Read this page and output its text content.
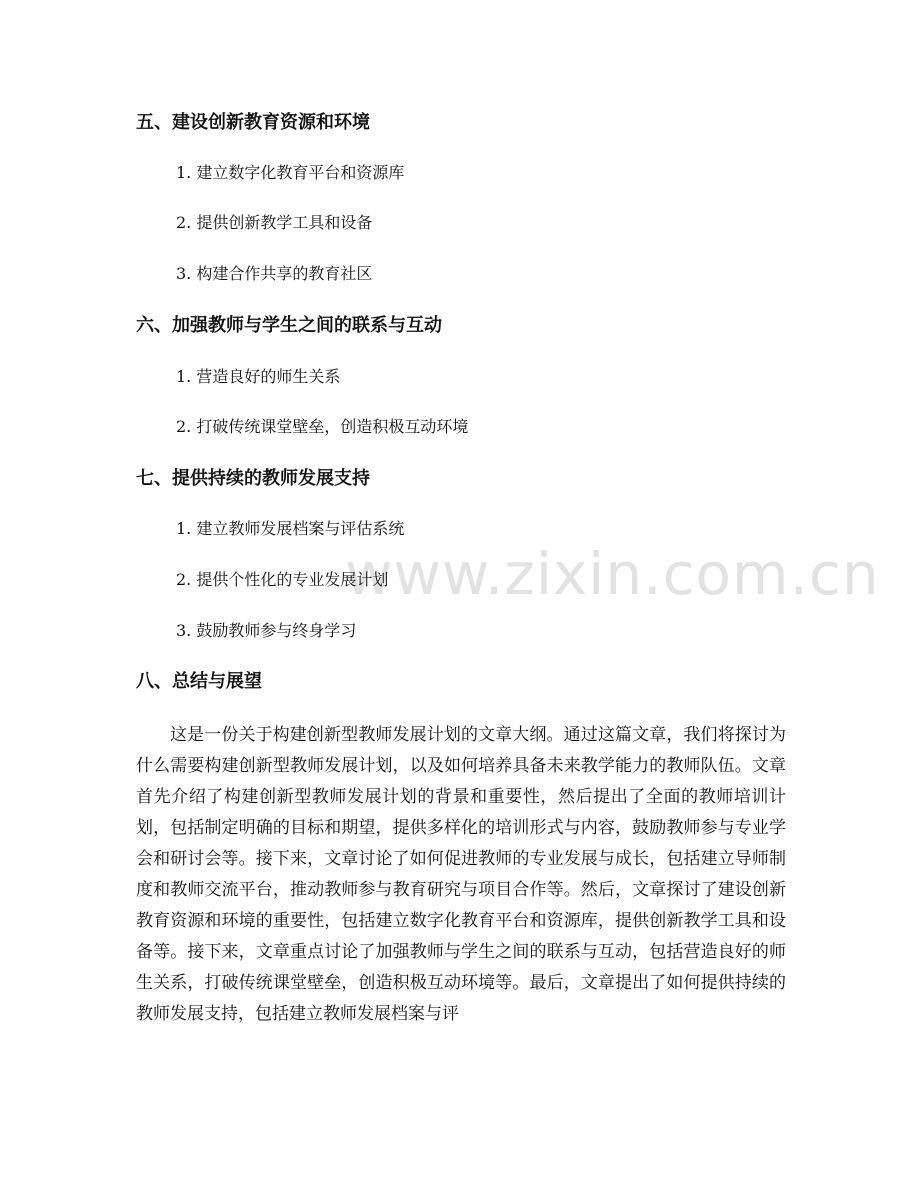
www.zixin.com.cn
五、建设创新教育资源和环境
1. 建立数字化教育平台和资源库
2. 提供创新教学工具和设备
3. 构建合作共享的教育社区
六、加强教师与学生之间的联系与互动
1. 营造良好的师生关系
2. 打破传统课堂壁垒，创造积极互动环境
七、提供持续的教师发展支持
1. 建立教师发展档案与评估系统
2. 提供个性化的专业发展计划
3. 鼓励教师参与终身学习
八、总结与展望

这是一份关于构建创新型教师发展计划的文章大纲。通过这篇文章，我们将探讨为什么需要构建创新型教师发展计划，以及如何培养具备未来教学能力的教师队伍。文章首先介绍了构建创新型教师发展计划的背景和重要性，然后提出了全面的教师培训计划，包括制定明确的目标和期望，提供多样化的培训形式与内容，鼓励教师参与专业学会和研讨会等。接下来，文章讨论了如何促进教师的专业发展与成长，包括建立导师制度和教师交流平台，推动教师参与教育研究与项目合作等。然后，文章探讨了建设创新教育资源和环境的重要性，包括建立数字化教育平台和资源库，提供创新教学工具和设备等。接下来，文章重点讨论了加强教师与学生之间的联系与互动，包括营造良好的师生关系，打破传统课堂壁垒，创造积极互动环境等。最后，文章提出了如何提供持续的教师发展支持，包括建立教师发展档案与评
